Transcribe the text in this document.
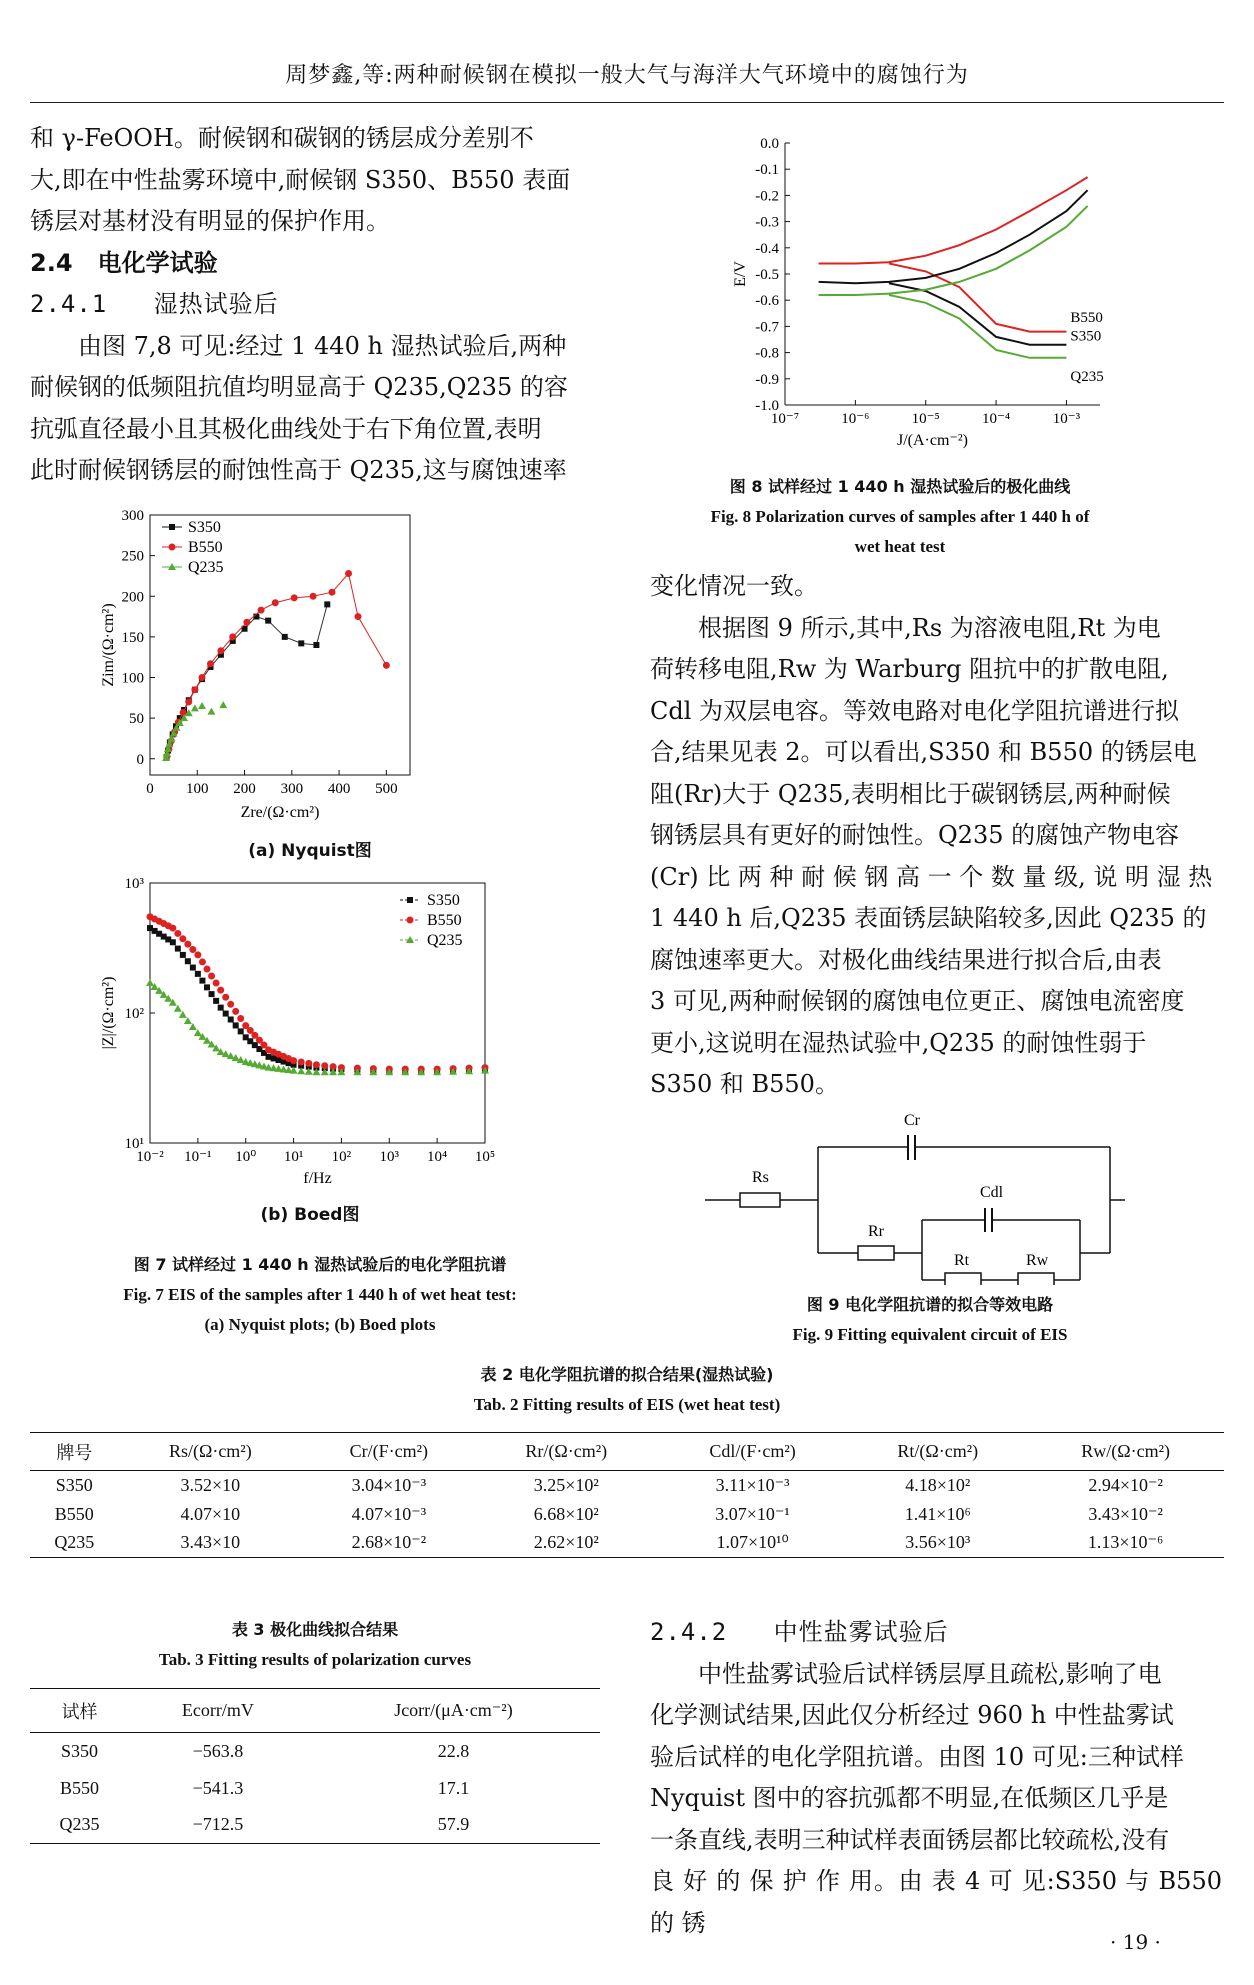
周梦鑫,等:两种耐候钢在模拟一般大气与海洋大气环境中的腐蚀行为

和 γ-FeOOH。耐候钢和碳钢的锈层成分差别不

大,即在中性盐雾环境中,耐候钢 S350、B550 表面

锈层对基材没有明显的保护作用。

2.4 电化学试验

2.4.1 湿热试验后

由图 7,8 可见:经过 1 440 h 湿热试验后,两种

耐候钢的低频阻抗值均明显高于 Q235,Q235 的容

抗弧直径最小且其极化曲线处于右下角位置,表明

此时耐候钢锈层的耐蚀性高于 Q235,这与腐蚀速率

0.0
-0.1
-0.2
-0.3
-0.4
-0.5
-0.6
-0.7
-0.8
-0.9
-1.0
10⁻⁷	10⁻⁶	10⁻⁵	10⁻⁴	10⁻³
J/(A·cm⁻²)
E/V
B550
S350
Q235
图 8 试样经过 1 440 h 湿热试验后的极化曲线
Fig. 8 Polarization curves of samples after 1 440 h of
wet heat test
0 100 200 300 400 500
0
50
100
150
200
250
300
Zre/(Ω·cm²)
Zim/(Ω·cm²)
S350
B550
Q235
(a) Nyquist图
10⁻² 10⁻¹ 10⁰ 10¹ 10² 10³ 10⁴ 10⁵
10¹
10²
10³
f/Hz
|Z|/(Ω·cm²)
S350
B550
Q235
(b) Boed图
图 7 试样经过 1 440 h 湿热试验后的电化学阻抗谱
Fig. 7 EIS of the samples after 1 440 h of wet heat test:
(a) Nyquist plots; (b) Boed plots

变化情况一致。

根据图 9 所示,其中,Rs 为溶液电阻,Rt 为电

荷转移电阻,Rw 为 Warburg 阻抗中的扩散电阻,

Cdl 为双层电容。等效电路对电化学阻抗谱进行拟

合,结果见表 2。可以看出,S350 和 B550 的锈层电

阻(Rr)大于 Q235,表明相比于碳钢锈层,两种耐候

钢锈层具有更好的耐蚀性。Q235 的腐蚀产物电容

(Cr) 比 两 种 耐 候 钢 高 一 个 数 量 级, 说 明 湿 热

1 440 h 后,Q235 表面锈层缺陷较多,因此 Q235 的

腐蚀速率更大。对极化曲线结果进行拟合后,由表

3 可见,两种耐候钢的腐蚀电位更正、腐蚀电流密度

更小,这说明在湿热试验中,Q235 的耐蚀性弱于

S350 和 B550。

Rs
Cr
Rr
Cdl
Rt	Rw
图 9 电化学阻抗谱的拟合等效电路
Fig. 9 Fitting equivalent circuit of EIS
表 2 电化学阻抗谱的拟合结果(湿热试验)
Tab. 2 Fitting results of EIS (wet heat test)
牌号	Rs/(Ω·cm²)	Cr/(F·cm²)	Rr/(Ω·cm²)	Cdl/(F·cm²)	Rt/(Ω·cm²)	Rw/(Ω·cm²)
S350	3.52×10	3.04×10⁻³	3.25×10²	3.11×10⁻³	4.18×10²	2.94×10⁻²
B550	4.07×10	4.07×10⁻³	6.68×10²	3.07×10⁻¹	1.41×10⁶	3.43×10⁻²
Q235	3.43×10	2.68×10⁻²	2.62×10²	1.07×10¹⁰	3.56×10³	1.13×10⁻⁶
表 3 极化曲线拟合结果
Tab. 3 Fitting results of polarization curves
试样	Ecorr/mV	Jcorr/(μA·cm⁻²)
S350	−563.8	22.8
B550	−541.3	17.1
Q235	−712.5	57.9

2.4.2 中性盐雾试验后

中性盐雾试验后试样锈层厚且疏松,影响了电

化学测试结果,因此仅分析经过 960 h 中性盐雾试

验后试样的电化学阻抗谱。由图 10 可见:三种试样

Nyquist 图中的容抗弧都不明显,在低频区几乎是

一条直线,表明三种试样表面锈层都比较疏松,没有

良 好 的 保 护 作 用。由 表 4 可 见:S350 与 B550 的 锈

· 19 ·
